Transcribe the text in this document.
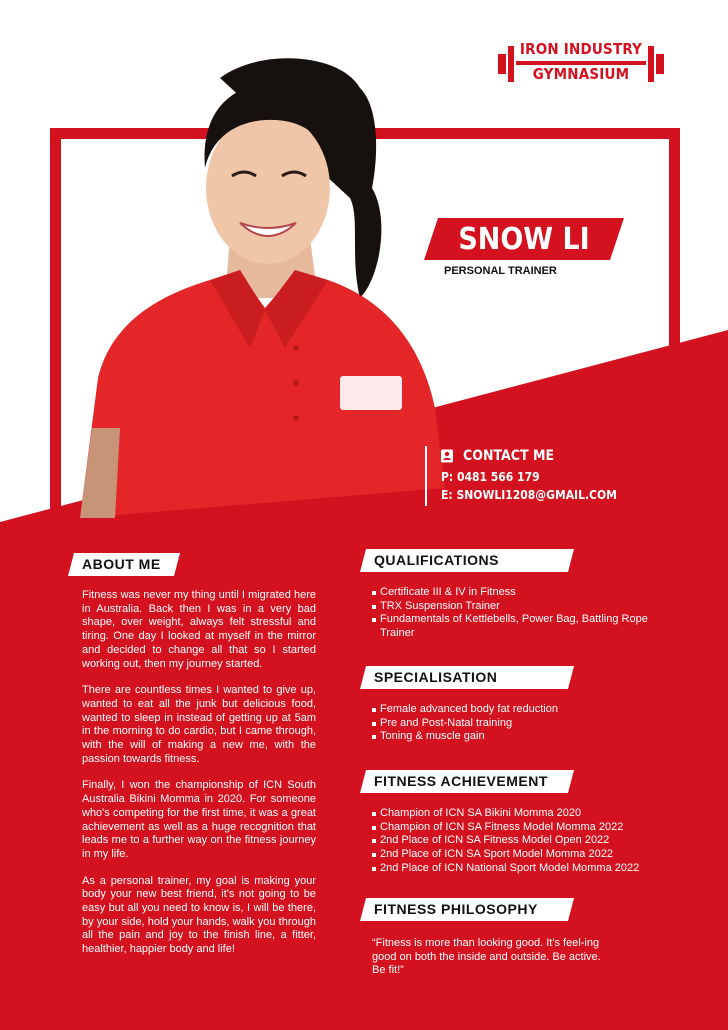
IRON INDUSTRY
GYMNASIUM
SNOW LI
PERSONAL TRAINER
CONTACT ME
P: 0481 566 179
E: SNOWLI1208@GMAIL.COM
ABOUT ME

Fitness was never my thing until I migrated here in Australia. Back then I was in a very bad shape, over weight, always felt stressful and tiring. One day I looked at myself in the mirror and decided to change all that so I started working out, then my journey started.

There are countless times I wanted to give up, wanted to eat all the junk but delicious food, wanted to sleep in instead of getting up at 5am in the morning to do cardio, but I came through, with the will of making a new me, with the passion towards fitness.

Finally, I won the championship of ICN South Australia Bikini Momma in 2020. For someone who's competing for the first time, it was a great achievement as well as a huge recognition that leads me to a further way on the fitness journey in my life.

As a personal trainer, my goal is making your body your new best friend, it's not going to be easy but all you need to know is, I will be there, by your side, hold your hands, walk you through all the pain and joy to the finish line, a fitter, healthier, happier body and life!

QUALIFICATIONS
Certificate III & IV in Fitness
TRX Suspension Trainer
Fundamentals of Kettlebells, Power Bag, Battling Rope Trainer
SPECIALISATION
Female advanced body fat reduction
Pre and Post-Natal training
Toning & muscle gain
FITNESS ACHIEVEMENT
Champion of ICN SA Bikini Momma 2020
Champion of ICN SA Fitness Model Momma 2022
2nd Place of ICN SA Fitness Model Open 2022
2nd Place of ICN SA Sport Model Momma 2022
2nd Place of ICN National Sport Model Momma 2022
FITNESS PHILOSOPHY
“Fitness is more than looking good. It's feel-ing good on both the inside and outside. Be active. Be fit!”
